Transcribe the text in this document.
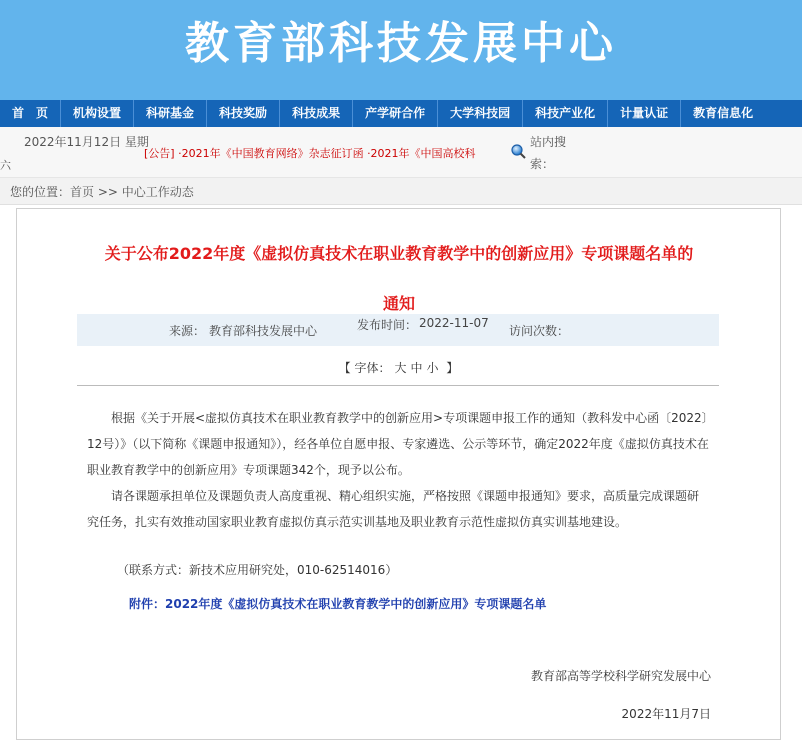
教育部科技发展中心
首　页	机构设置	科研基金	科技奖励	科技成果	产学研合作	大学科技园	科技产业化	计量认证	教育信息化
2022年11月12日 星期
六
[公告] ·2021年《中国教育网络》杂志征订函 ·2021年《中国高校科
站内搜索：
您的位置：首页 >> 中心工作动态
关于公布2022年度《虚拟仿真技术在职业教育教学中的创新应用》专项课题名单的通知
来源： 教育部科技发展中心	发布时间： 2022-11-07
访问次数：
【 字体： 大 中 小 】

根据《关于开展<虚拟仿真技术在职业教育教学中的创新应用>专项课题申报工作的通知（教科发中心函〔2022〕12号）》（以下简称《课题申报通知》），经各单位自愿申报、专家遴选、公示等环节，确定2022年度《虚拟仿真技术在职业教育教学中的创新应用》专项课题342个，现予以公布。

请各课题承担单位及课题负责人高度重视、精心组织实施，严格按照《课题申报通知》要求，高质量完成课题研究任务，扎实有效推动国家职业教育虚拟仿真示范实训基地及职业教育示范性虚拟仿真实训基地建设。

（联系方式：新技术应用研究处，010-62514016）
附件：2022年度《虚拟仿真技术在职业教育教学中的创新应用》专项课题名单
教育部高等学校科学研究发展中心
2022年11月7日
